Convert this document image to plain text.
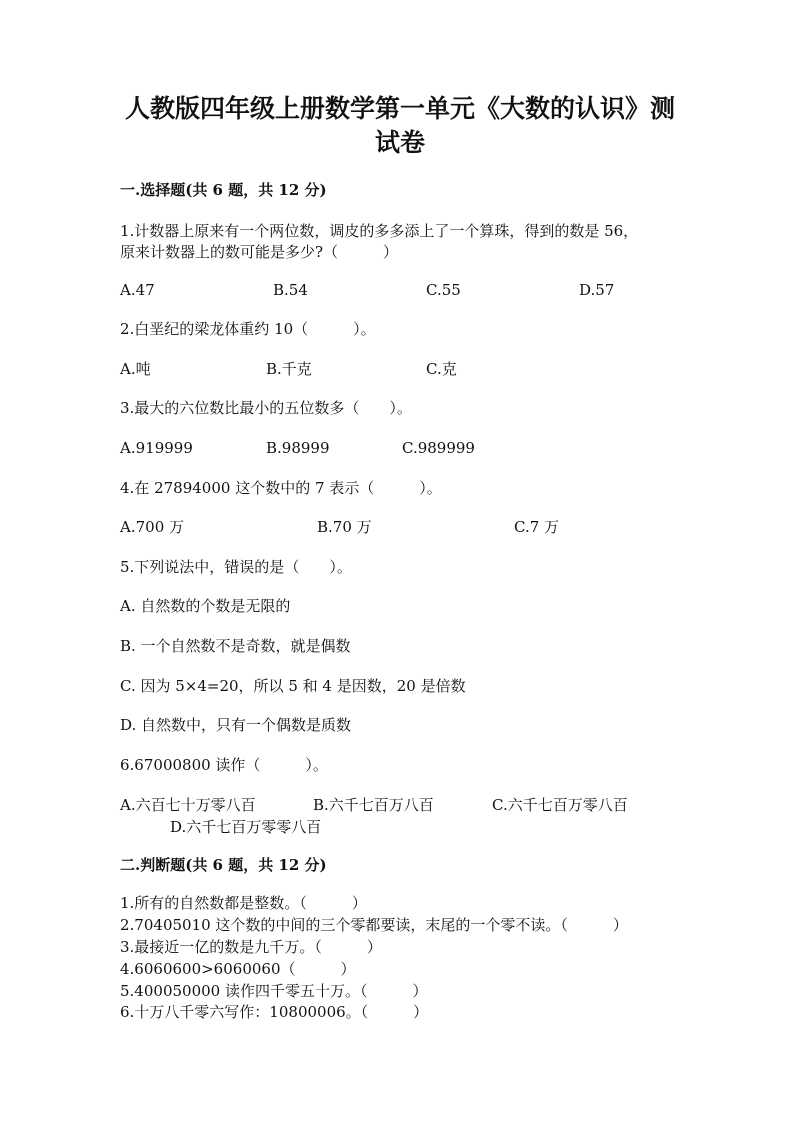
人教版四年级上册数学第一单元《大数的认识》测
试卷
一.选择题(共 6 题，共 12 分)
1.计数器上原来有一个两位数，调皮的多多添上了一个算珠，得到的数是 56，
原来计数器上的数可能是多少?（　　　）
A.47	B.54	C.55	D.57
2.白垩纪的梁龙体重约 10（　　　）。
A.吨	B.千克	C.克
3.最大的六位数比最小的五位数多（　　）。
A.919999	B.98999	C.989999
4.在 27894000 这个数中的 7 表示（　　　）。
A.700 万	B.70 万	C.7 万
5.下列说法中，错误的是（　　）。
A. 自然数的个数是无限的
B. 一个自然数不是奇数，就是偶数
C. 因为 5×4=20，所以 5 和 4 是因数，20 是倍数
D. 自然数中，只有一个偶数是质数
6.67000800 读作（　　　）。
A.六百七十万零八百	B.六千七百万八百	C.六千七百万零八百
D.六千七百万零零八百
二.判断题(共 6 题，共 12 分)
1.所有的自然数都是整数。（　　　）
2.70405010 这个数的中间的三个零都要读，末尾的一个零不读。（　　　）
3.最接近一亿的数是九千万。（　　　）
4.6060600>6060060（　　　）
5.400050000 读作四千零五十万。（　　　）
6.十万八千零六写作：10800006。（　　　）
